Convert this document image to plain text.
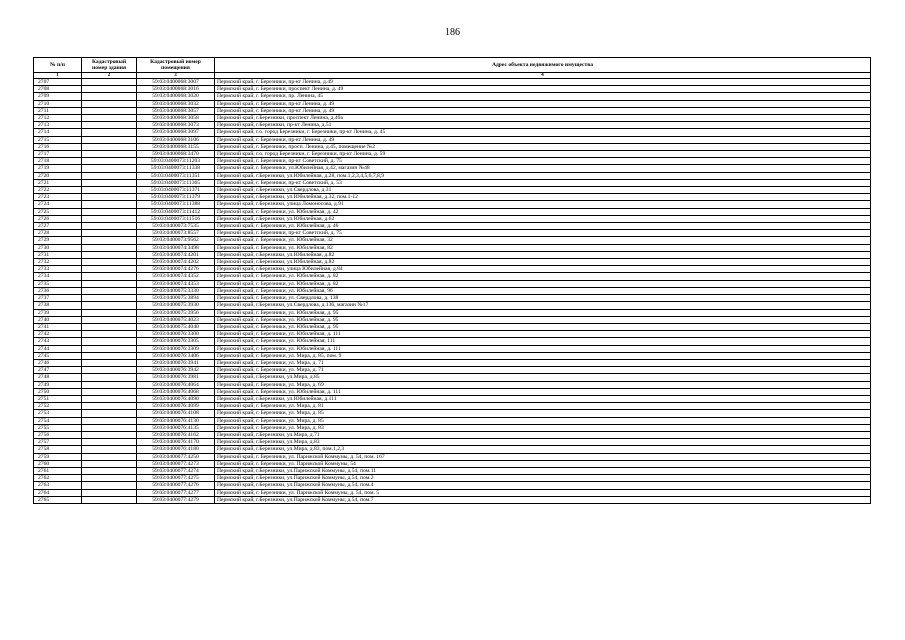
186
№ п/п	Кадастровый номер здания	Кадастровый номер помещения	Адрес объекта недвижимого имущества
1	2	3	4
2707		59:03:0400068:3007	Пермский край, г. Березники, пр-кт Ленина, д.49
2708		59:03:0400068:3016	Пермский край, г. Березники, проспект Ленина, д. 49
2709		59:03:0400068:3020	Пермский край, г. Березники, пр. Ленина, 45
2710		59:03:0400068:3032	Пермский край, г. Березники, пр-кт Ленина, д. 49
2711		59:03:0400068:3057	Пермский край, г. Березники, пр-кт Ленина, д. 49
2712		59:03:0400068:3058	Пермский край, г.Березники, проспект Ленина, д.49а
2713		59:03:0400068:3073	Пермский край, г.Березники, пр-кт Ленина, д.51
2714		59:03:0400068:3097	Пермский край, г.о. город Березники, г. Березники, пр-кт Ленина, д. 45
2715		59:03:0400068:3106	Пермский край, г. Березники, пр-кт Ленина, д. 49
2716		59:03:0400068:3155	Пермский край, г. Березники, просп. Ленина, д.45, помещение №2
2717		59:03:0400068:3470	Пермский край, г.о. город Березники, г. Березники, пр-кт Ленина, д. 59
2718		59:03:0400073:11203	Пермский край, г. Березники, пр-кт Советский, д. 75
2719		59:03:0400073:11338	Пермский край, г. Березники, ул.Юбилейная, д.42, магазин №48
2720		59:03:0400073:11351	Пермский край, г.Березники, ул.Юбилейная, д.28, пом.1,2,3,4,5,6,7,8,9
2721		59:03:0400073:11365	Пермский край, г. Березники, пр-кт Советский, д. 53
2722		59:03:0400073:11371	Пермский край, г.Березники, ул.Свердлова, д.31
2723		59:03:0400073:11379	Пермский край, г.Березники, ул.Юбилейная, д.32, пом.1-12
2724		59:03:0400073:11388	Пермский край, г.Березники, улица Ломоносова, д.91
2725		59:03:0400073:11412	Пермский край, г. Березники, ул. Юбилейная, д. 42
2726		59:03:0400073:11516	Пермский край, г.Березники, ул.Юбилейная, д.62
2727		59:03:0400073:7535	Пермский край, г. Березники, ул. Юбилейная, д. 46
2728		59:03:0400073:8557	Пермский край, г. Березники, пр-кт Советский, д. 75
2729		59:03:0400073:9562	Пермский край, г. Березники, ул. Юбилейная, 32
2730		59:03:0400074:3498	Пермский край, г. Березники, ул. Юбилейная, 82
2731		59:03:0400074:4201	Пермский край, г.Березники, ул.Юбилейная, д.82
2732		59:03:0400074:4202	Пермский край, г.Березники, ул.Юбилейная, д.82
2733		59:03:0400074:4276	Пермский край, г.Березники, улица Юбилейная, д.84
2734		59:03:0400074:4352	Пермский край, г. Березники, ул. Юбилейная, д. 82
2735		59:03:0400074:4353	Пермский край, г. Березники, ул. Юбилейная, д. 82
2736		59:03:0400075:3330	Пермский край, г. Березники, ул. Юбилейная, 96
2737		59:03:0400075:3894	Пермский край, г. Березники, ул. Свердлова, д. 138
2738		59:03:0400075:3930	Пермский край, г.Березники, ул.Свердлова, д.136, магазин №17
2739		59:03:0400075:3956	Пермский край, г. Березники, ул. Юбилейная, д. 95
2740		59:03:0400075:4023	Пермский край, г. Березники, ул. Юбилейная, д. 95
2741		59:03:0400075:4040	Пермский край, г. Березники, ул. Юбилейная, д. 95
2742		59:03:0400076:3300	Пермский край, г. Березники, ул. Юбилейная, д. 111
2743		59:03:0400076:3305	Пермский край, г. Березники, ул. Юбилейная, 111
2744		59:03:0400076:3309	Пермский край, г. Березники, ул. Юбилейная, д. 111
2745		59:03:0400076:3406	Пермский край, г. Березники, ул. Мира, д. 85, пом. 9
2746		59:03:0400076:3941	Пермский край, г. Березники, ул. Мира, д. 71
2747		59:03:0400076:3942	Пермский край, г. Березники, ул. Мира, д. 71
2748		59:03:0400076:3981	Пермский край, г.Березники, ул.Мира, д.85
2749		59:03:0400076:4064	Пермский край, г. Березники, ул. Мира, д. 69
2750		59:03:0400076:4068	Пермский край, г. Березники, ул. Юбилейная, д. 111
2751		59:03:0400076:4090	Пермский край, г.Березники, ул.Юбилейная, д.111
2752		59:03:0400076:4099	Пермский край, г. Березники, ул. Мира, д. 81
2753		59:03:0400076:4108	Пермский край, г. Березники, ул. Мира, д. 85
2754		59:03:0400076:4130	Пермский край, г. Березники, ул. Мира, д. 85
2755		59:03:0400076:4135	Пермский край, г. Березники, ул. Мира, д. 83
2756		59:03:0400076:4162	Пермский край, г.Березники, ул.Мира, д.71
2757		59:03:0400076:4170	Пермский край, г.Березники, ул.Мира, д.83
2758		59:03:0400076:4180	Пермский край, г.Березники, ул.Мира, д.83, пом.1,2,3
2759		59:03:0400077:4250	Пермский край, г. Березники, ул. Парижской Коммуны, д. 54, пом. 167
2760		59:03:0400077:4273	Пермский край, г. Березники, ул. Парижской Коммуны, 54
2761		59:03:0400077:4274	Пермский край, г.Березники, ул.Парижской Коммуны, д.54, пом.11
2762		59:03:0400077:4275	Пермский край, г.Березники, ул.Парижской Коммуны, д.54, пом.2
2763		59:03:0400077:4276	Пермский край, г.Березники, ул.Парижской Коммуны, д.54, пом.4
2764		59:03:0400077:4277	Пермский край, г. Березники, ул. Парижской Коммуны, д. 54, пом. 5
2765		59:03:0400077:4279	Пермский край, г.Березники, ул.Парижской Коммуны, д.54, пом.7
